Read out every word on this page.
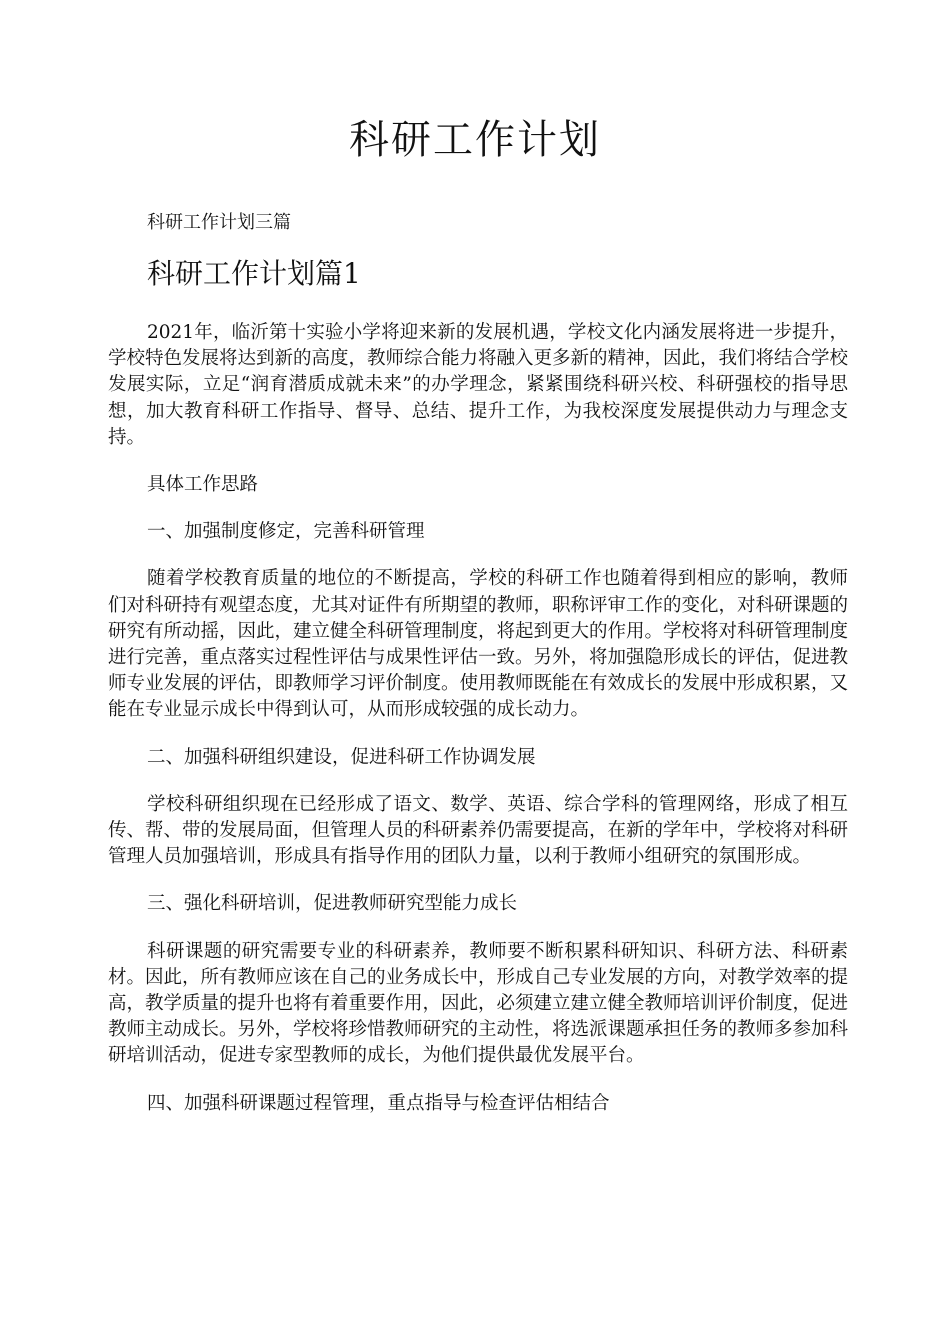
科研工作计划

科研工作计划三篇

科研工作计划篇1

2021年，临沂第十实验小学将迎来新的发展机遇，学校文化内涵发展将进一步提升，学校特色发展将达到新的高度，教师综合能力将融入更多新的精神，因此，我们将结合学校发展实际，立足“润育潜质成就未来”的办学理念，紧紧围绕科研兴校、科研强校的指导思想，加大教育科研工作指导、督导、总结、提升工作，为我校深度发展提供动力与理念支持。

具体工作思路

一、加强制度修定，完善科研管理

随着学校教育质量的地位的不断提高，学校的科研工作也随着得到相应的影响，教师们对科研持有观望态度，尤其对证件有所期望的教师，职称评审工作的变化，对科研课题的研究有所动摇，因此，建立健全科研管理制度，将起到更大的作用。学校将对科研管理制度进行完善，重点落实过程性评估与成果性评估一致。另外，将加强隐形成长的评估，促进教师专业发展的评估，即教师学习评价制度。使用教师既能在有效成长的发展中形成积累，又能在专业显示成长中得到认可，从而形成较强的成长动力。

二、加强科研组织建设，促进科研工作协调发展

学校科研组织现在已经形成了语文、数学、英语、综合学科的管理网络，形成了相互传、帮、带的发展局面，但管理人员的科研素养仍需要提高，在新的学年中，学校将对科研管理人员加强培训，形成具有指导作用的团队力量，以利于教师小组研究的氛围形成。

三、强化科研培训，促进教师研究型能力成长

科研课题的研究需要专业的科研素养，教师要不断积累科研知识、科研方法、科研素材。因此，所有教师应该在自己的业务成长中，形成自己专业发展的方向，对教学效率的提高，教学质量的提升也将有着重要作用，因此，必须建立建立健全教师培训评价制度，促进教师主动成长。另外，学校将珍惜教师研究的主动性，将选派课题承担任务的教师多参加科研培训活动，促进专家型教师的成长，为他们提供最优发展平台。

四、加强科研课题过程管理，重点指导与检查评估相结合
